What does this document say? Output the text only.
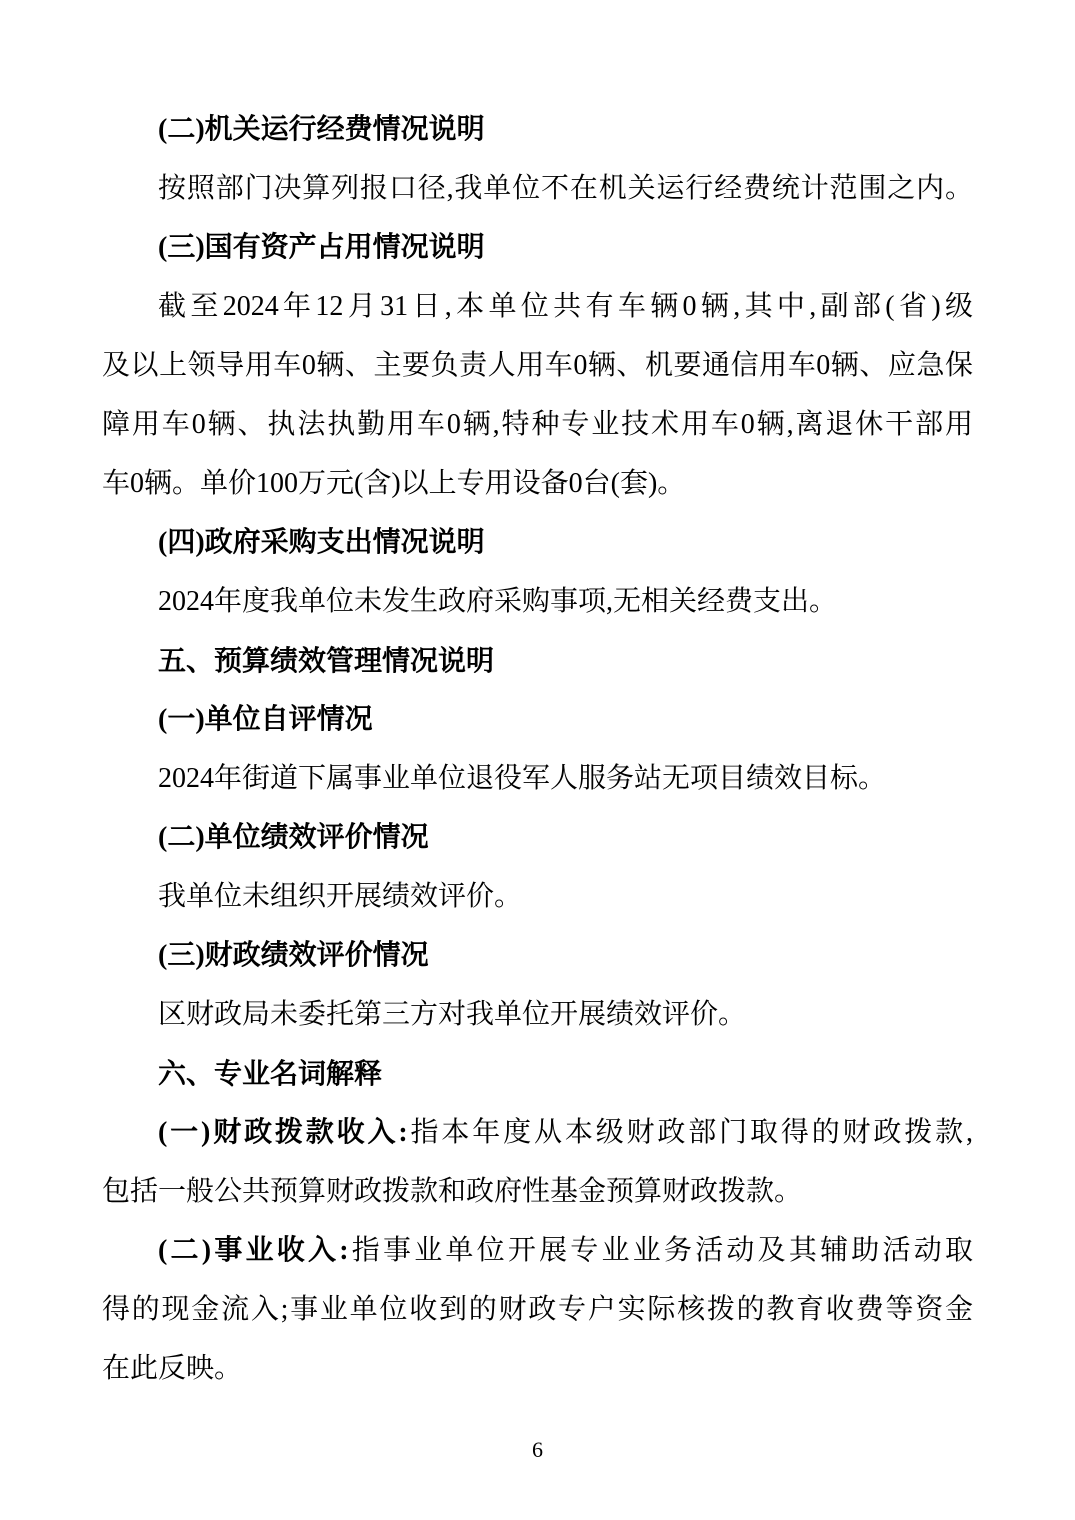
(二)机关运行经费情况说明
按照部门决算列报口径,我单位不在机关运行经费统计范围之内。
(三)国有资产占用情况说明
截至2024年12月31日,本单位共有车辆0辆,其中,副部(省)级
及以上领导用车0辆、主要负责人用车0辆、机要通信用车0辆、应急保
障用车0辆、执法执勤用车0辆,特种专业技术用车0辆,离退休干部用
车0辆。单价100万元(含)以上专用设备0台(套)。
(四)政府采购支出情况说明
2024年度我单位未发生政府采购事项,无相关经费支出。
五、预算绩效管理情况说明
(一)单位自评情况
2024年街道下属事业单位退役军人服务站无项目绩效目标。
(二)单位绩效评价情况
我单位未组织开展绩效评价。
(三)财政绩效评价情况
区财政局未委托第三方对我单位开展绩效评价。
六、专业名词解释
(一)财政拨款收入:指本年度从本级财政部门取得的财政拨款,
包括一般公共预算财政拨款和政府性基金预算财政拨款。
(二)事业收入:指事业单位开展专业业务活动及其辅助活动取
得的现金流入;事业单位收到的财政专户实际核拨的教育收费等资金
在此反映。
6
